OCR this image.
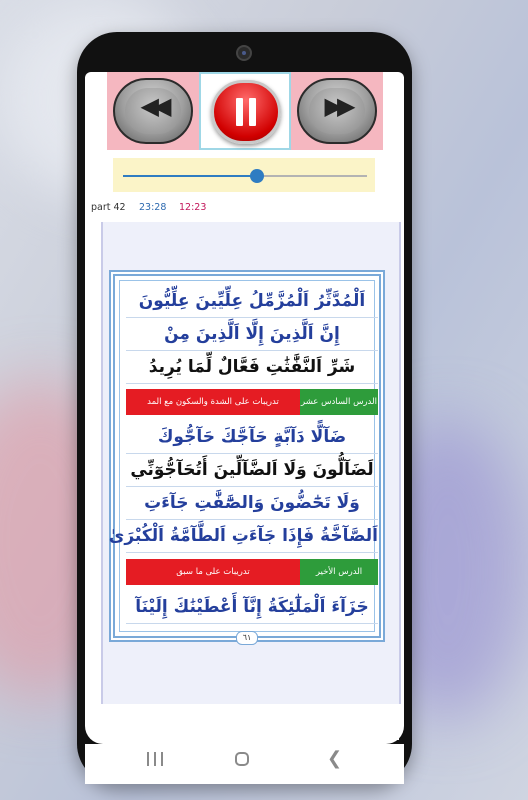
◀◀	▶▶
part 42 23:28 12:23
اَلْمُدَّثِّرُ اَلْمُزَّمِّلُ عِلِّيِّينَ عِلِّيُّونَ
إِنَّ اَلَّذِينَ إِلَّا اَلَّذِينَ مِنْ
شَرِّ اَلنَّفَّٰثَٰتِ فَعَّالٌ لِّمَا يُرِيدُ
الدرس السادس عشر
تدريبات على الشدة والسكون مع المد
ضَآلًّا دَآبَّةٍ حَآجَّكَ حَآجُّوكَ
لَضَآلُّونَ وَلَا اَلضَّآلِّينَ أَتُحَآجُّوٓنِّي
وَلَا تَحَٰٓضُّونَ وَالصَّٰٓفَّٰتِ جَآءَتِ
اَلصَّآخَّةُ فَإِذَا جَآءَتِ اَلطَّآمَّةُ اَلْكُبْرَىٰ
الدرس الأخير
تدريبات على ما سبق
جَزَآءَ اَلْمَلَٰٓئِكَةُ إِنَّآ أَعْطَيْنَٰكَ إِلَيْنَآ
٦١
❮
